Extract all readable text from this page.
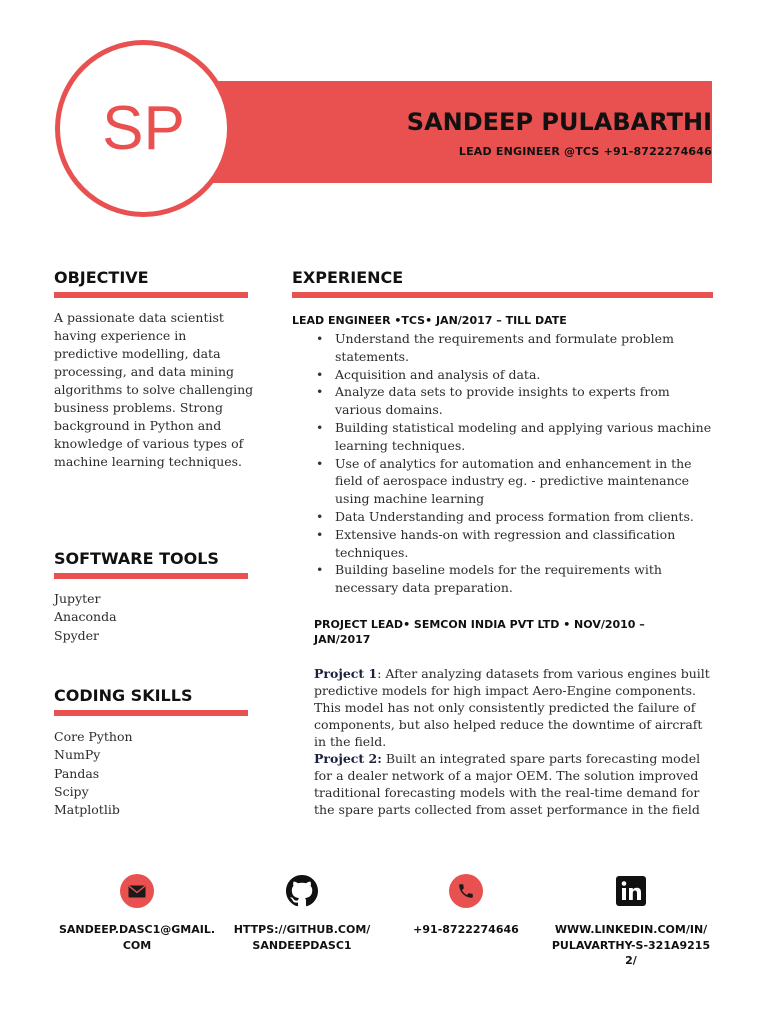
SP	SANDEEP PULABARTHI
LEAD ENGINEER @TCS +91-8722274646
OBJECTIVE
A passionate data scientist having experience in predictive modelling, data processing, and data mining algorithms to solve challenging business problems. Strong background in Python and knowledge of various types of machine learning techniques.
SOFTWARE TOOLS
Jupyter
Anaconda
Spyder
CODING SKILLS
Core Python
NumPy
Pandas
Scipy
Matplotlib
EXPERIENCE
LEAD ENGINEER •TCS• JAN/2017 – TILL DATE
• Understand the requirements and formulate problem statements.
• Acquisition and analysis of data.
• Analyze data sets to provide insights to experts from various domains.
• Building statistical modeling and applying various machine learning techniques.
• Use of analytics for automation and enhancement in the field of aerospace industry eg. - predictive maintenance using machine learning
• Data Understanding and process formation from clients.
• Extensive hands-on with regression and classification techniques.
• Building baseline models for the requirements with necessary data preparation.
PROJECT LEAD• SEMCON INDIA PVT LTD • NOV/2010 – JAN/2017
Project 1: After analyzing datasets from various engines built predictive models for high impact Aero-Engine components. This model has not only consistently predicted the failure of components, but also helped reduce the downtime of aircraft in the field.
Project 2: Built an integrated spare parts forecasting model for a dealer network of a major OEM. The solution improved traditional forecasting models with the real-time demand for the spare parts collected from asset performance in the field
SANDEEP.DASC1@GMAIL.COM
HTTPS://GITHUB.COM/ SANDEEPDASC1
+91-8722274646	WWW.LINKEDIN.COM/IN/PULAVARTHY-S-321A92152/
